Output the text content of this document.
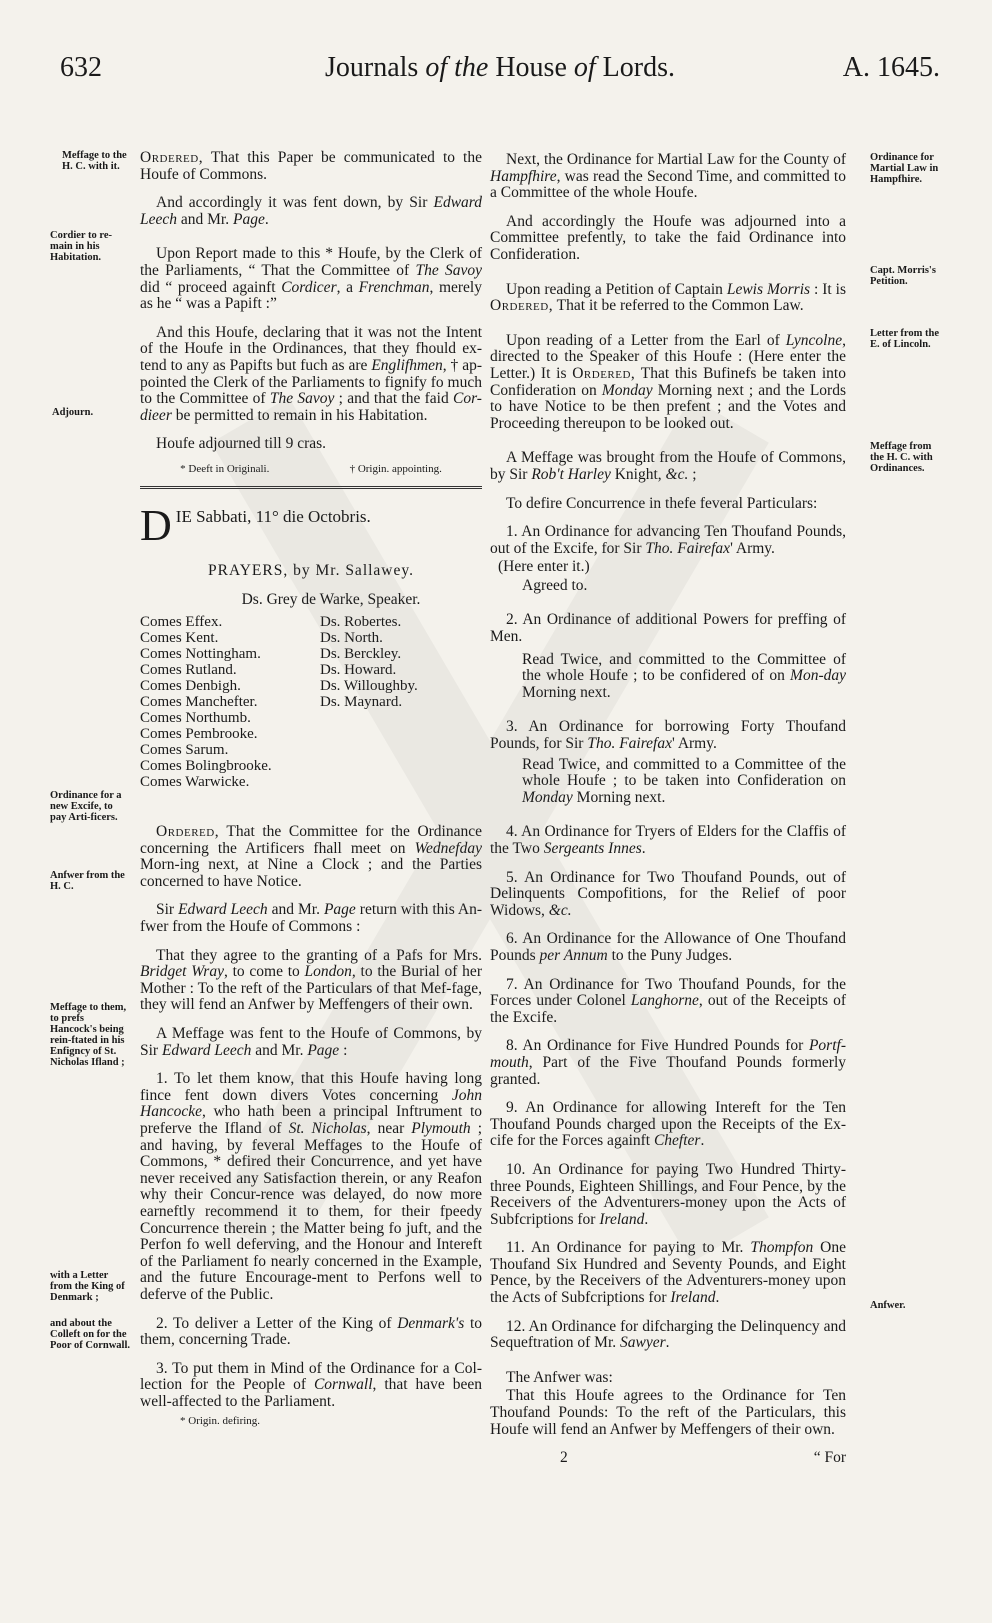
632	Journals of the House of Lords.	A. 1645.
Meffage to the H. C. with it.
Cordier to re-main in his Habitation.
Adjourn.
Ordinance for a new Excife, to pay Arti-ficers.
Anfwer from the H. C.
Meffage to them, to prefs Hancock's being rein-ftated in his Enfigncy of St. Nicholas Ifland ;
with a Letter from the King of Denmark ;
and about the Colleft on for the Poor of Cornwall.
Ordinance for Martial Law in Hampfhire.
Capt. Morris's Petition.
Letter from the E. of Lincoln.
Meffage from the H. C. with Ordinances.
Anfwer.

Ordered, That this Paper be communicated to the Houfe of Commons.

And accordingly it was fent down, by Sir Edward Leech and Mr. Page.

Upon Report made to this * Houfe, by the Clerk of the Parliaments, “ That the Committee of The Savoy did “ proceed againft Cordicer, a Frenchman, merely as he “ was a Papift :”

And this Houfe, declaring that it was not the Intent of the Houfe in the Ordinances, that they fhould ex-tend to any as Papifts but fuch as are Englifhmen, † ap-pointed the Clerk of the Parliaments to fignify fo much to the Committee of The Savoy ; and that the faid Cor-dieer be permitted to remain in his Habitation.

Houfe adjourned till 9 cras.

* Deeft in Originali.	† Origin. appointing.
D IE Sabbati, 11° die Octobris.
PRAYERS, by Mr. Sallawey.
Ds. Grey de Warke, Speaker.
Comes Effex.
Comes Kent.
Comes Nottingham.
Comes Rutland.
Comes Denbigh.
Comes Manchefter.
Comes Northumb.
Comes Pembrooke.
Comes Sarum.
Comes Bolingbrooke.
Comes Warwicke.
Ds. Robertes.
Ds. North.
Ds. Berckley.
Ds. Howard.
Ds. Willoughby.
Ds. Maynard.

Ordered, That the Committee for the Ordinance concerning the Artificers fhall meet on Wednefday Morn-ing next, at Nine a Clock ; and the Parties concerned to have Notice.

Sir Edward Leech and Mr. Page return with this An-fwer from the Houfe of Commons :

That they agree to the granting of a Pafs for Mrs. Bridget Wray, to come to London, to the Burial of her Mother : To the reft of the Particulars of that Mef-fage, they will fend an Anfwer by Meffengers of their own.

A Meffage was fent to the Houfe of Commons, by Sir Edward Leech and Mr. Page :

1. To let them know, that this Houfe having long fince fent down divers Votes concerning John Hancocke, who hath been a principal Inftrument to preferve the Ifland of St. Nicholas, near Plymouth ; and having, by feveral Meffages to the Houfe of Commons, * defired their Concurrence, and yet have never received any Satisfaction therein, or any Reafon why their Concur-rence was delayed, do now more earneftly recommend it to them, for their fpeedy Concurrence therein ; the Matter being fo juft, and the Perfon fo well deferving, and the Honour and Intereft of the Parliament fo nearly concerned in the Example, and the future Encourage-ment to Perfons well to deferve of the Public.

2. To deliver a Letter of the King of Denmark's to them, concerning Trade.

3. To put them in Mind of the Ordinance for a Col-lection for the People of Cornwall, that have been well-affected to the Parliament.

* Origin. defiring.

Next, the Ordinance for Martial Law for the County of Hampfhire, was read the Second Time, and committed to a Committee of the whole Houfe.

And accordingly the Houfe was adjourned into a Committee prefently, to take the faid Ordinance into Confideration.

Upon reading a Petition of Captain Lewis Morris : It is Ordered, That it be referred to the Common Law.

Upon reading of a Letter from the Earl of Lyncolne, directed to the Speaker of this Houfe : (Here enter the Letter.) It is Ordered, That this Bufinefs be taken into Confideration on Monday Morning next ; and the Lords to have Notice to be then prefent ; and the Votes and Proceeding thereupon to be looked out.

A Meffage was brought from the Houfe of Commons, by Sir Rob't Harley Knight, &c. ;

To defire Concurrence in thefe feveral Particulars:

1. An Ordinance for advancing Ten Thoufand Pounds, out of the Excife, for Sir Tho. Fairefax' Army.

(Here enter it.)

Agreed to.

2. An Ordinance of additional Powers for preffing of Men.

Read Twice, and committed to the Committee of the whole Houfe ; to be confidered of on Mon-day Morning next.

3. An Ordinance for borrowing Forty Thoufand Pounds, for Sir Tho. Fairefax' Army.

Read Twice, and committed to a Committee of the whole Houfe ; to be taken into Confideration on Monday Morning next.

4. An Ordinance for Tryers of Elders for the Claffis of the Two Sergeants Innes.

5. An Ordinance for Two Thoufand Pounds, out of Delinquents Compofitions, for the Relief of poor Widows, &c.

6. An Ordinance for the Allowance of One Thoufand Pounds per Annum to the Puny Judges.

7. An Ordinance for Two Thoufand Pounds, for the Forces under Colonel Langhorne, out of the Receipts of the Excife.

8. An Ordinance for Five Hundred Pounds for Portf-mouth, Part of the Five Thoufand Pounds formerly granted.

9. An Ordinance for allowing Intereft for the Ten Thoufand Pounds charged upon the Receipts of the Ex-cife for the Forces againft Chefter.

10. An Ordinance for paying Two Hundred Thirty-three Pounds, Eighteen Shillings, and Four Pence, by the Receivers of the Adventurers-money upon the Acts of Subfcriptions for Ireland.

11. An Ordinance for paying to Mr. Thompfon One Thoufand Six Hundred and Seventy Pounds, and Eight Pence, by the Receivers of the Adventurers-money upon the Acts of Subfcriptions for Ireland.

12. An Ordinance for difcharging the Delinquency and Sequeftration of Mr. Sawyer.

The Anfwer was:

That this Houfe agrees to the Ordinance for Ten Thoufand Pounds: To the reft of the Particulars, this Houfe will fend an Anfwer by Meffengers of their own.

2	“ For
